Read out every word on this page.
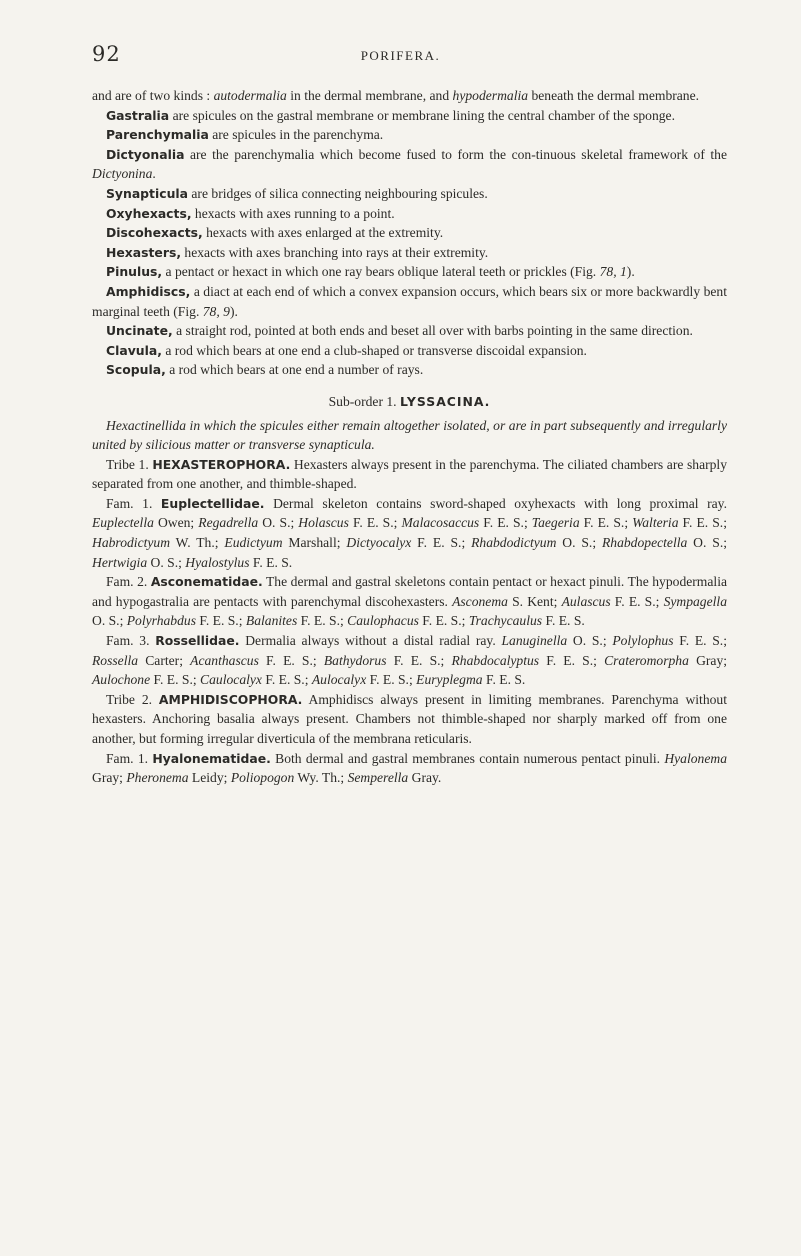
92	PORIFERA.

and are of two kinds : autodermalia in the dermal membrane, and hypodermalia beneath the dermal membrane.

Gastralia are spicules on the gastral membrane or membrane lining the central chamber of the sponge.

Parenchymalia are spicules in the parenchyma.

Dictyonalia are the parenchymalia which become fused to form the con-tinuous skeletal framework of the Dictyonina.

Synapticula are bridges of silica connecting neighbouring spicules.

Oxyhexacts, hexacts with axes running to a point.

Discohexacts, hexacts with axes enlarged at the extremity.

Hexasters, hexacts with axes branching into rays at their extremity.

Pinulus, a pentact or hexact in which one ray bears oblique lateral teeth or prickles (Fig. 78, 1).

Amphidiscs, a diact at each end of which a convex expansion occurs, which bears six or more backwardly bent marginal teeth (Fig. 78, 9).

Uncinate, a straight rod, pointed at both ends and beset all over with barbs pointing in the same direction.

Clavula, a rod which bears at one end a club-shaped or transverse discoidal expansion.

Scopula, a rod which bears at one end a number of rays.

Sub-order 1. LYSSACINA.

Hexactinellida in which the spicules either remain altogether isolated, or are in part subsequently and irregularly united by silicious matter or transverse synapticula.

Tribe 1. HEXASTEROPHORA. Hexasters always present in the parenchyma. The ciliated chambers are sharply separated from one another, and thimble-shaped.

Fam. 1. Euplectellidae. Dermal skeleton contains sword-shaped oxyhexacts with long proximal ray. Euplectella Owen; Regadrella O. S.; Holascus F. E. S.; Malacosaccus F. E. S.; Taegeria F. E. S.; Walteria F. E. S.; Habrodictyum W. Th.; Eudictyum Marshall; Dictyocalyx F. E. S.; Rhabdodictyum O. S.; Rhabdopectella O. S.; Hertwigia O. S.; Hyalostylus F. E. S.

Fam. 2. Asconematidae. The dermal and gastral skeletons contain pentact or hexact pinuli. The hypodermalia and hypogastralia are pentacts with parenchymal discohexasters. Asconema S. Kent; Aulascus F. E. S.; Sympagella O. S.; Polyrhabdus F. E. S.; Balanites F. E. S.; Caulophacus F. E. S.; Trachycaulus F. E. S.

Fam. 3. Rossellidae. Dermalia always without a distal radial ray. Lanuginella O. S.; Polylophus F. E. S.; Rossella Carter; Acanthascus F. E. S.; Bathydorus F. E. S.; Rhabdocalyptus F. E. S.; Crateromorpha Gray; Aulochone F. E. S.; Caulocalyx F. E. S.; Aulocalyx F. E. S.; Euryplegma F. E. S.

Tribe 2. AMPHIDISCOPHORA. Amphidiscs always present in limiting membranes. Parenchyma without hexasters. Anchoring basalia always present. Chambers not thimble-shaped nor sharply marked off from one another, but forming irregular diverticula of the membrana reticularis.

Fam. 1. Hyalonematidae. Both dermal and gastral membranes contain numerous pentact pinuli. Hyalonema Gray; Pheronema Leidy; Poliopogon Wy. Th.; Semperella Gray.
